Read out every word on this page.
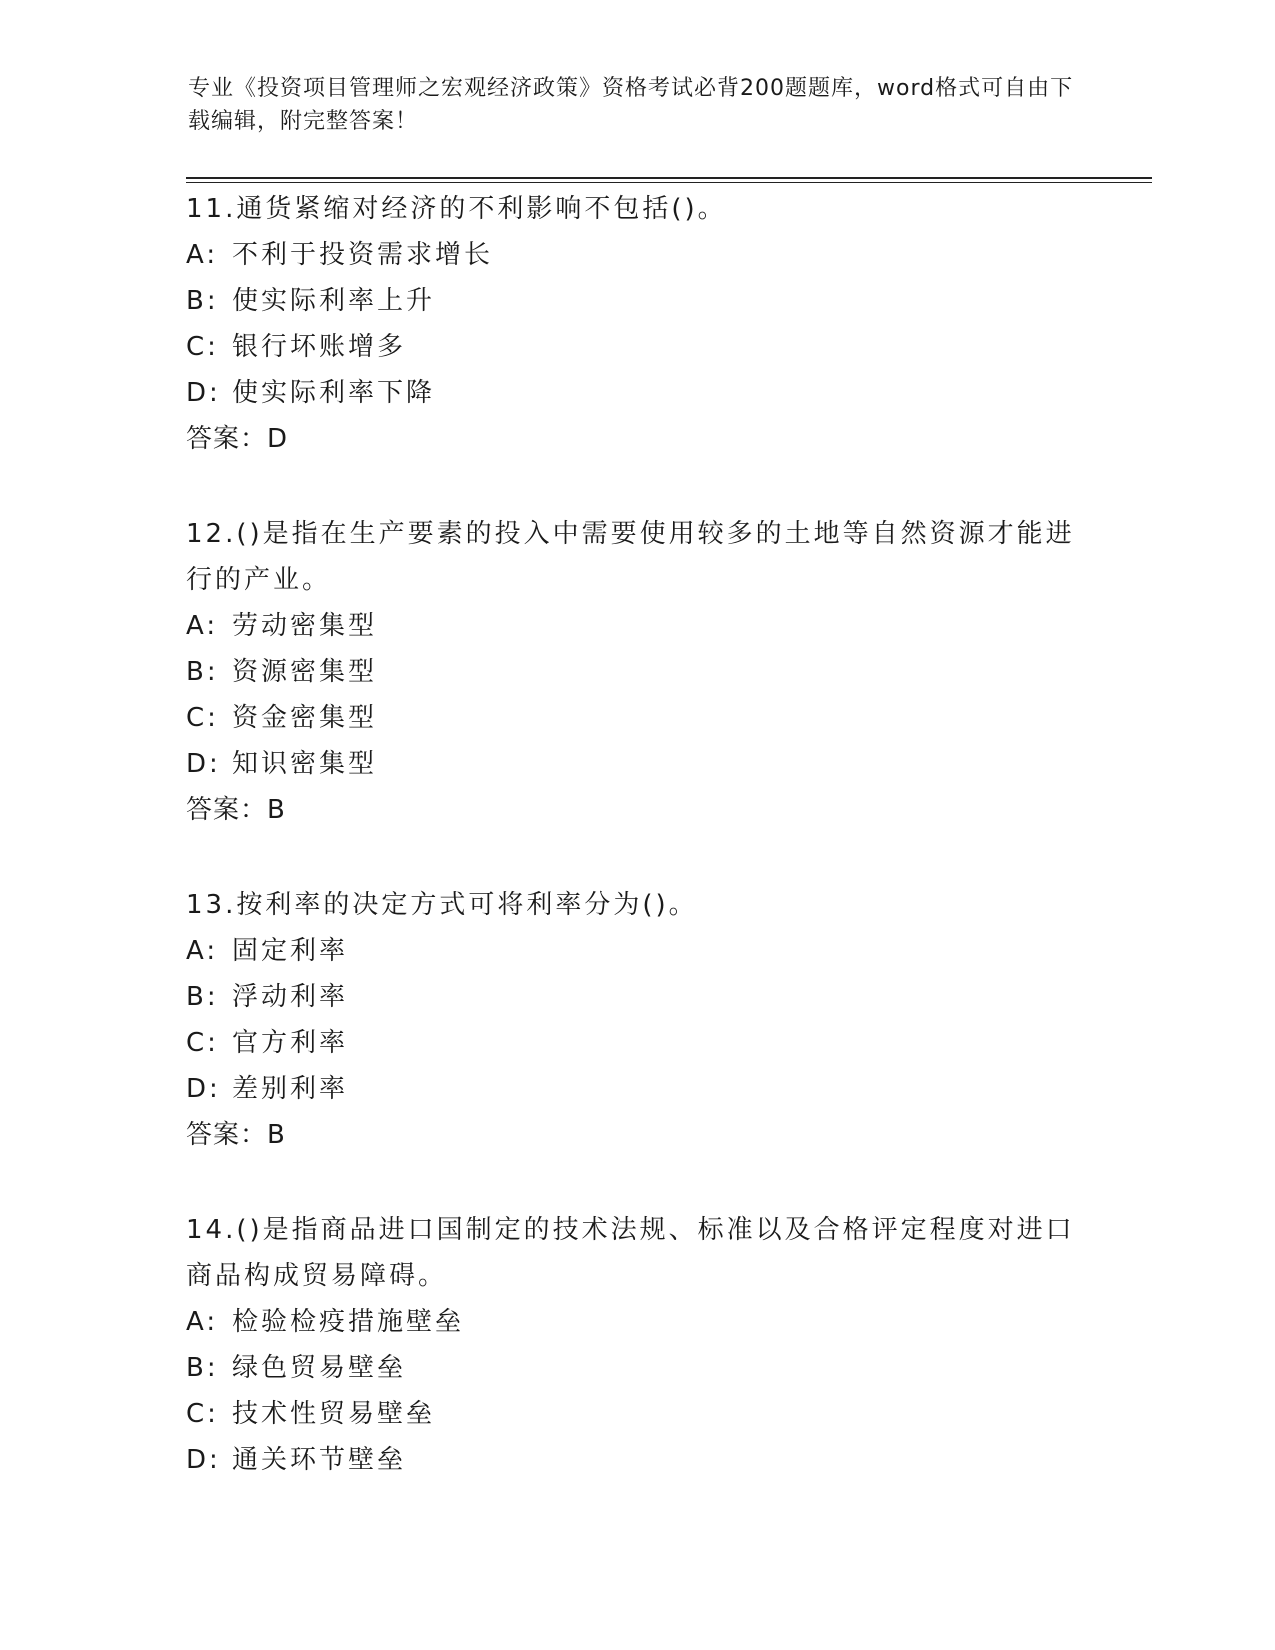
专业《投资项目管理师之宏观经济政策》资格考试必背200题题库，word格式可自由下载编辑，附完整答案！
11.通货紧缩对经济的不利影响不包括()。
A: 不利于投资需求增长
B: 使实际利率上升
C: 银行坏账增多
D: 使实际利率下降
答案：D
12.()是指在生产要素的投入中需要使用较多的土地等自然资源才能进行的产业。
A: 劳动密集型
B: 资源密集型
C: 资金密集型
D: 知识密集型
答案：B
13.按利率的决定方式可将利率分为()。
A: 固定利率
B: 浮动利率
C: 官方利率
D: 差别利率
答案：B
14.()是指商品进口国制定的技术法规、标准以及合格评定程度对进口商品构成贸易障碍。
A: 检验检疫措施壁垒
B: 绿色贸易壁垒
C: 技术性贸易壁垒
D: 通关环节壁垒
